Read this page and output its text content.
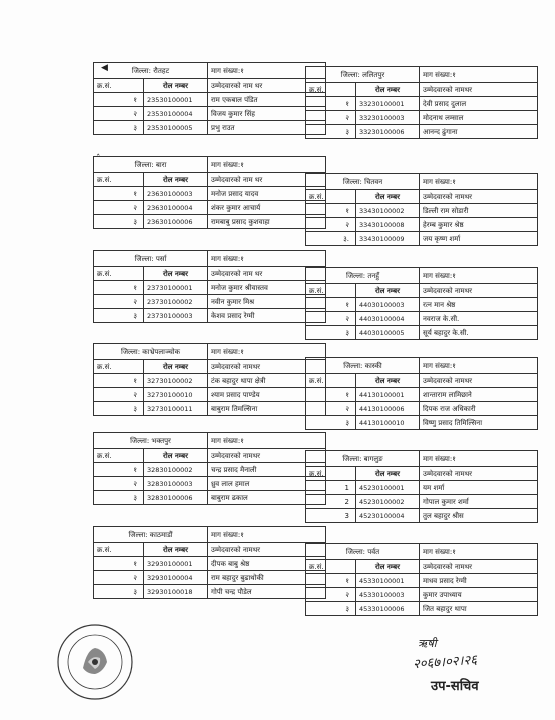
जिल्ला: रौतहट		माग संख्या:१
क्र.सं.	रोल नम्बर	उम्मेदवारको नाम थर
१	23530100001	राम एकबाल पंडित
२	23530100004	विजय कुमार सिंह
३	23530100005	प्रभु राउत
जिल्ला: बारा		माग संख्या:१
क्र.सं.	रोल नम्बर	उम्मेदवारको नाम थर
१	23630100003	मनोज प्रसाद यादव
२	23630100004	शंकर कुमार आचार्य
३	23630100006	रामबाबु प्रसाद कुशवाहा
जिल्ला: पर्सा		माग संख्या:१
क्र.सं.	रोल नम्बर	उम्मेदवारको नाम थर
१	23730100001	मनोज कुमार श्रीवास्तव
२	23730100002	नवीन कुमार मिश्र
३	23730100003	केशव प्रसाद रेग्मी
जिल्ला: काभ्रेपलाञ्चोक		माग संख्या:१
क्र.सं.	रोल नम्बर	उम्मेदवारको नामथर
१	32730100002	टंक बहादुर थापा क्षेत्री
२	32730100010	श्याम प्रसाद पाण्डेय
३	32730100011	बाबुराम तिमल्सिना
जिल्ला: भक्तपुर		माग संख्या:१
क्र.सं.	रोल नम्बर	उम्मेदवारको नामथर
१	32830100002	चन्द्र प्रसाद मैनाली
२	32830100003	ध्रुव लाल हमाल
३	32830100006	बाबुराम ढकाल
जिल्ला: काठमाडौं		माग संख्या:१
क्र.सं.	रोल नम्बर	उम्मेदवारको नामथर
१	32930100001	दीपक बाबु श्रेष्ठ
२	32930100004	राम बहादुर बुढाथोकी
३	32930100018	गोपी चन्द्र पौडेल
जिल्ला: ललितपुर		माग संख्या:१
क्र.सं.	रोल नम्बर	उम्मेदवारको नामथर
१	33230100001	देवी प्रसाद दुलाल
२	33230100003	मोदनाथ लम्साल
३	33230100006	आनन्द ढुंगाना
जिल्ला: चितवन		माग संख्या:१
क्र.सं.	रोल नम्बर	उम्मेदवारको नामथर
१	33430100002	डिल्ली राम सोडारी
२	33430100008	हेरम्ब कुमार श्रेष्ठ
३.	33430100009	जय कृष्ण शर्मा
जिल्ला: तनहुँ		माग संख्या:१
क्र.सं.	रोल नम्बर	उम्मेदवारको नामथर
१	44030100003	रत्न मान श्रेष्ठ
२	44030100004	नवराज के.सी.
३	44030100005	सूर्य बहादुर के.सी.
जिल्ला: कास्की		माग संख्या:१
क्र.सं.	रोल नम्बर	उम्मेदवारको नामथर
१	44130100001	शान्ताराम लामिछाने
२	44130100006	दिपक राज अधिकारी
३	44130100010	विष्णु प्रसाद तिमिल्सिना
जिल्ला: बागलुङ		माग संख्या:१
क्र.सं.	रोल नम्बर	उम्मेदवारको नामथर
1	45230100001	यम शर्मा
2	45230100002	गोपाल कुमार शर्मा
3	45230100004	तुल बहादुर श्रीस
जिल्ला: पर्वत		माग संख्या:१
क्र.सं.	रोल नम्बर	उम्मेदवारको नामथर
१	45330100001	माधव प्रसाद रेग्मी
२	45330100003	कुमार उपाध्याय
३	45330100006	जित बहादुर थापा
◀
ˆ
ऋषी
२०६७।०२।२६
उप-सचिव
